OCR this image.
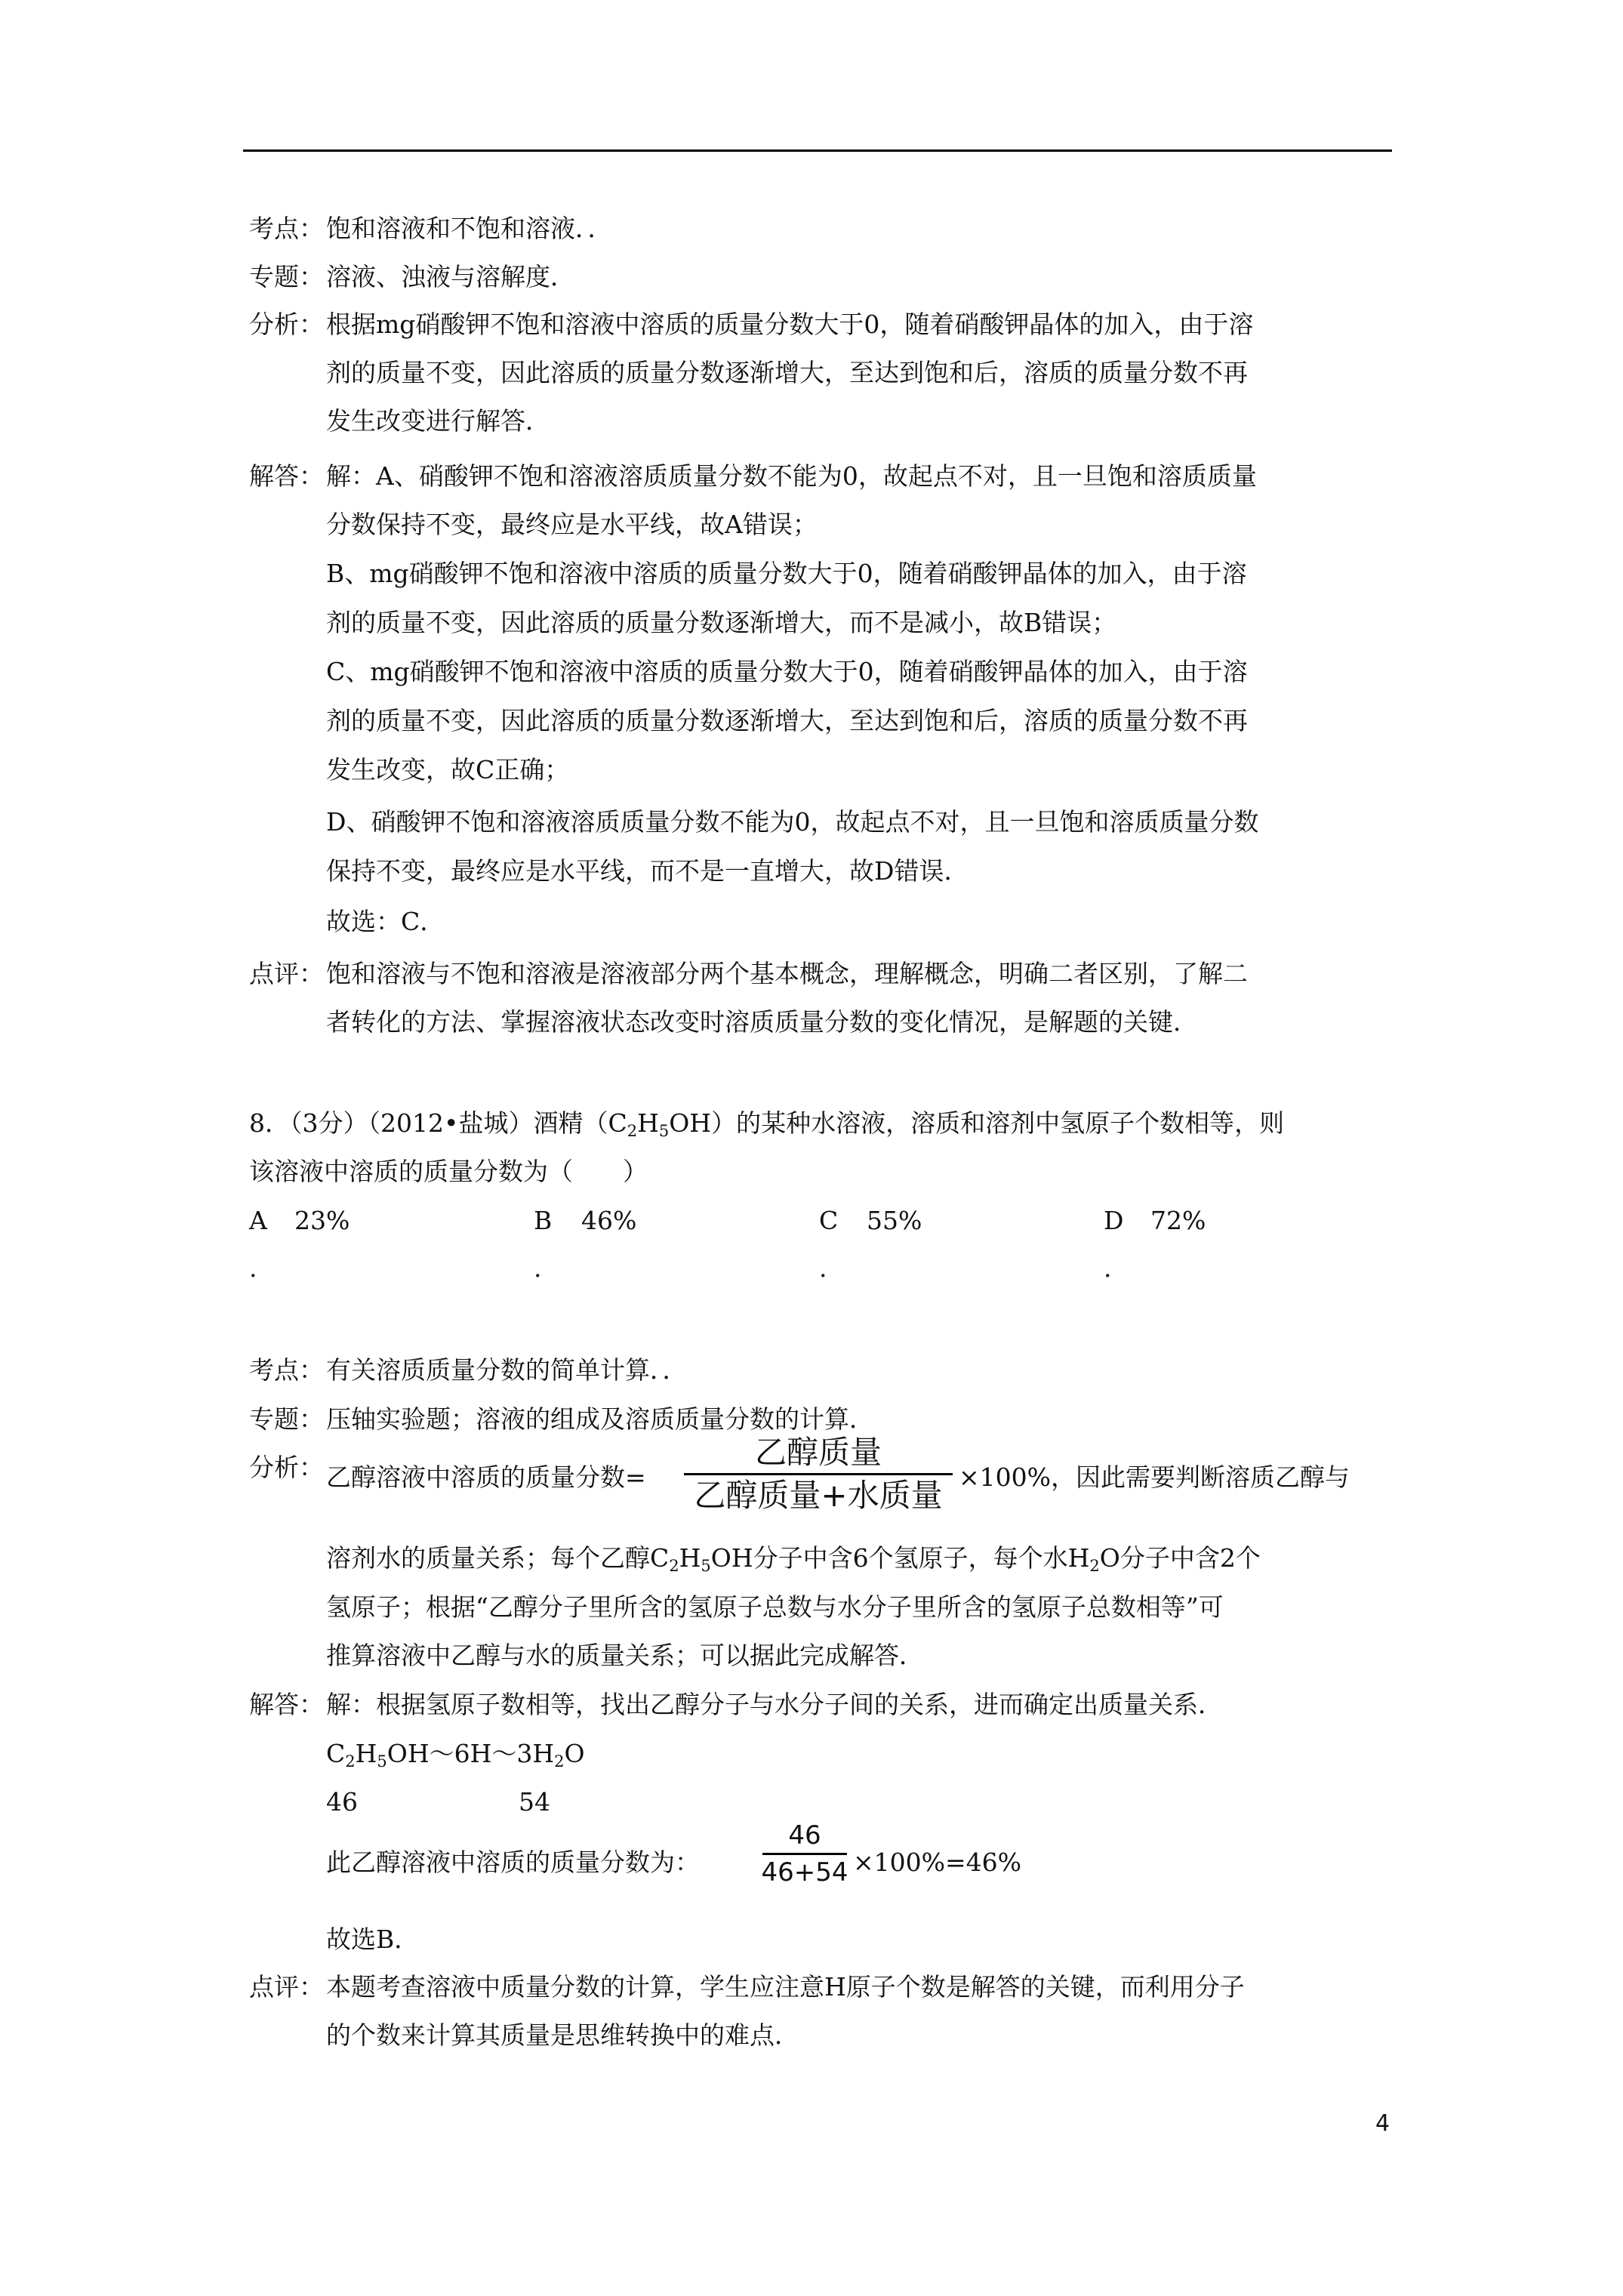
考点： 饱和溶液和不饱和溶液．．
专题： 溶液、浊液与溶解度．
分析： 根据mg硝酸钾不饱和溶液中溶质的质量分数大于0，随着硝酸钾晶体的加入，由于溶
剂的质量不变，因此溶质的质量分数逐渐增大，至达到饱和后，溶质的质量分数不再
发生改变进行解答．
解答： 解：A、硝酸钾不饱和溶液溶质质量分数不能为0，故起点不对，且一旦饱和溶质质量
分数保持不变，最终应是水平线，故A错误；
B、mg硝酸钾不饱和溶液中溶质的质量分数大于0，随着硝酸钾晶体的加入，由于溶
剂的质量不变，因此溶质的质量分数逐渐增大，而不是减小，故B错误；
C、mg硝酸钾不饱和溶液中溶质的质量分数大于0，随着硝酸钾晶体的加入，由于溶
剂的质量不变，因此溶质的质量分数逐渐增大，至达到饱和后，溶质的质量分数不再
发生改变，故C正确；
D、硝酸钾不饱和溶液溶质质量分数不能为0，故起点不对，且一旦饱和溶质质量分数
保持不变，最终应是水平线，而不是一直增大，故D错误．
故选：C．
点评： 饱和溶液与不饱和溶液是溶液部分两个基本概念，理解概念，明确二者区别，了解二
者转化的方法、掌握溶液状态改变时溶质质量分数的变化情况，是解题的关键．
8．（3分）（2012•盐城）酒精$(C_2H_5OH)$的某种水溶液，溶质和溶剂中氢原子个数相等，则
该溶液中溶质的质量分数为（　　）
A 23%
.
B 46%
.
C 55%
.
D 72%
.
考点： 有关溶质质量分数的简单计算．．
专题： 压轴实验题；溶液的组成及溶质质量分数的计算．
分析： 乙醇溶液中溶质的质量分数=
乙醇质量
乙醇质量+水质量 ×100%，因此需要判断溶质乙醇与
溶剂水的质量关系；每个乙醇$C_2H_5OH$分子中含6个氢原子，每个水$H_2O$分子中含2个
氢原子；根据“乙醇分子里所含的氢原子总数与水分子里所含的氢原子总数相等”可
推算溶液中乙醇与水的质量关系；可以据此完成解答．
解答： 解：根据氢原子数相等，找出乙醇分子与水分子间的关系，进而确定出质量关系．
$C_2H_5OH\sim 6H\sim 3H_2O$
46	54
此乙醇溶液中溶质的质量分数为：
46
46+54 ×100%=46%
故选B．
点评： 本题考查溶液中质量分数的计算，学生应注意H原子个数是解答的关键，而利用分子
的个数来计算其质量是思维转换中的难点．
4
